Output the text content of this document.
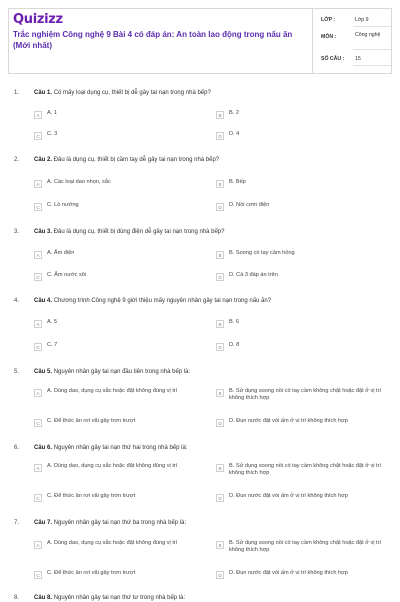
Quizizz
Trắc nghiệm Công nghệ 9 Bài 4 có đáp án: An toàn lao động trong nấu ăn (Mới nhất)
LỚP :	Lớp 9
MÔN :	Công nghệ
SỐ CÂU : 15
1. Câu 1. Có mấy loại dụng cụ, thiết bị dễ gây tai nạn trong nhà bếp?
A	A. 1	B	B. 2
C	C. 3	D	D. 4
2. Câu 2. Đâu là dụng cụ, thiết bị cầm tay dễ gây tai nạn trong nhà bếp?
A	A. Các loại dao nhọn, sắc	B	B. Bếp
C	C. Lò nướng	D	D. Nồi cơm điện
3. Câu 3. Đâu là dụng cụ, thiết bị dùng điện dễ gây tai nạn trong nhà bếp?
A	A. Ấm điện	B	B. Soong có tay cầm hỏng
C	C. Ấm nước sôi	D	D. Cả 3 đáp án trên
4. Câu 4. Chương trình Công nghệ 9 giới thiệu mấy nguyên nhân gây tai nạn trong nấu ăn?
A	A. 5	B	B. 6
C	C. 7	D	D. 8
5. Câu 5. Nguyên nhân gây tai nạn đầu tiên trong nhà bếp là:
A	A. Dùng dao, dụng cụ sắc hoặc đặt không đúng vị trí	B	B. Sử dụng soong nồi có tay cầm không chặt hoặc đặt ở vị trí không thích hợp
C	C. Để thức ăn rơi vãi gây trơn trượt	D	D. Đun nước đặt vòi ấm ở vị trí không thích hợp
6. Câu 6. Nguyên nhân gây tai nạn thứ hai trong nhà bếp là:
A	A. Dùng dao, dụng cụ sắc hoặc đặt không đúng vị trí	B	B. Sử dụng soong nồi có tay cầm không chặt hoặc đặt ở vị trí không thích hợp
C	C. Để thức ăn rơi vãi gây trơn trượt	D	D. Đun nước đặt vòi ấm ở vị trí không thích hợp
7. Câu 7. Nguyên nhân gây tai nạn thứ ba trong nhà bếp là:
A	A. Dùng dao, dụng cụ sắc hoặc đặt không đúng vị trí	B	B. Sử dụng soong nồi có tay cầm không chặt hoặc đặt ở vị trí không thích hợp
C	C. Để thức ăn rơi vãi gây trơn trượt	D	D. Đun nước đặt vòi ấm ở vị trí không thích hợp
8. Câu 8. Nguyên nhân gây tai nạn thứ tư trong nhà bếp là:
